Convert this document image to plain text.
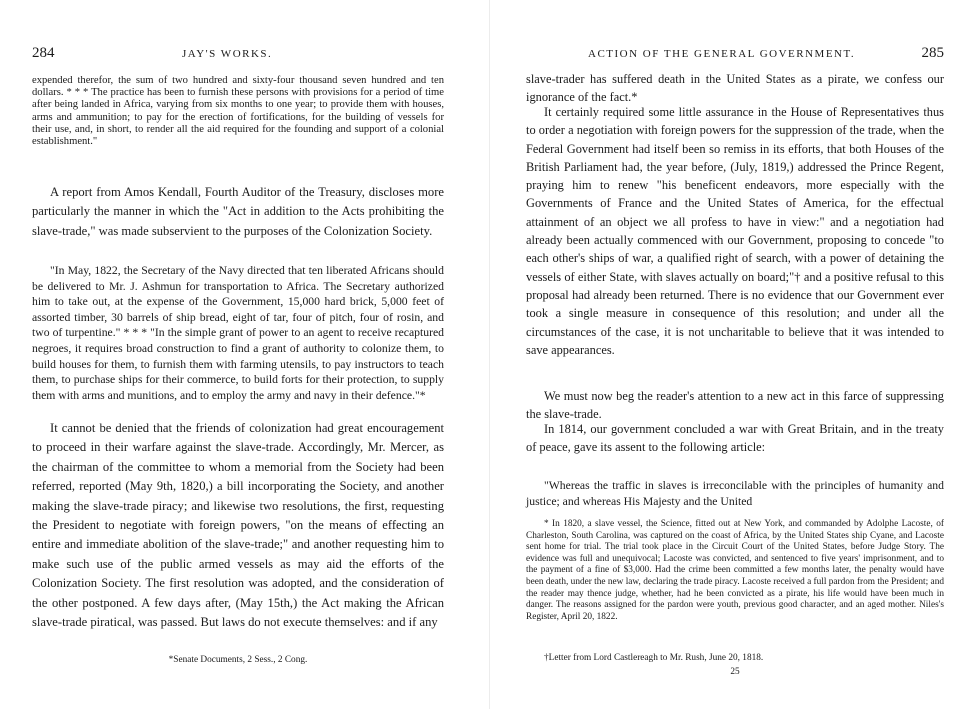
284	JAY'S WORKS.

expended therefor, the sum of two hundred and sixty-four thousand seven hundred and ten dollars. * * * The practice has been to furnish these persons with provisions for a period of time after being landed in Africa, varying from six months to one year; to provide them with houses, arms and ammunition; to pay for the erection of fortifications, for the building of vessels for their use, and, in short, to render all the aid required for the founding and support of a colonial establishment."

A report from Amos Kendall, Fourth Auditor of the Treasury, discloses more particularly the manner in which the "Act in addition to the Acts prohibiting the slave-trade," was made subservient to the purposes of the Colonization Society.

"In May, 1822, the Secretary of the Navy directed that ten liberated Africans should be delivered to Mr. J. Ashmun for transportation to Africa. The Secretary authorized him to take out, at the expense of the Government, 15,000 hard brick, 5,000 feet of assorted timber, 30 barrels of ship bread, eight of tar, four of pitch, four of rosin, and two of turpentine." * * * "In the simple grant of power to an agent to receive recaptured negroes, it requires broad construction to find a grant of authority to colonize them, to build houses for them, to furnish them with farming utensils, to pay instructors to teach them, to purchase ships for their commerce, to build forts for their protection, to supply them with arms and munitions, and to employ the army and navy in their defence."*

It cannot be denied that the friends of colonization had great encouragement to proceed in their warfare against the slave-trade. Accordingly, Mr. Mercer, as the chairman of the committee to whom a memorial from the Society had been referred, reported (May 9th, 1820,) a bill incorporating the Society, and another making the slave-trade piracy; and likewise two resolutions, the first, requesting the President to negotiate with foreign powers, "on the means of effecting an entire and immediate abolition of the slave-trade;" and another requesting him to make such use of the public armed vessels as may aid the efforts of the Colonization Society. The first resolution was adopted, and the consideration of the other postponed. A few days after, (May 15th,) the Act making the African slave-trade piratical, was passed. But laws do not execute themselves: and if any

*Senate Documents, 2 Sess., 2 Cong.

ACTION OF THE GENERAL GOVERNMENT.	285

slave-trader has suffered death in the United States as a pirate, we confess our ignorance of the fact.*

It certainly required some little assurance in the House of Representatives thus to order a negotiation with foreign powers for the suppression of the trade, when the Federal Government had itself been so remiss in its efforts, that both Houses of the British Parliament had, the year before, (July, 1819,) addressed the Prince Regent, praying him to renew "his beneficent endeavors, more especially with the Governments of France and the United States of America, for the effectual attainment of an object we all profess to have in view:" and a negotiation had already been actually commenced with our Government, proposing to concede "to each other's ships of war, a qualified right of search, with a power of detaining the vessels of either State, with slaves actually on board;"† and a positive refusal to this proposal had already been returned. There is no evidence that our Government ever took a single measure in consequence of this resolution; and under all the circumstances of the case, it is not uncharitable to believe that it was intended to save appearances.

We must now beg the reader's attention to a new act in this farce of suppressing the slave-trade.

In 1814, our government concluded a war with Great Britain, and in the treaty of peace, gave its assent to the following article:

"Whereas the traffic in slaves is irreconcilable with the principles of humanity and justice; and whereas His Majesty and the United

* In 1820, a slave vessel, the Science, fitted out at New York, and commanded by Adolphe Lacoste, of Charleston, South Carolina, was captured on the coast of Africa, by the United States ship Cyane, and Lacoste sent home for trial. The trial took place in the Circuit Court of the United States, before Judge Story. The evidence was full and unequivocal; Lacoste was convicted, and sentenced to five years' imprisonment, and to the payment of a fine of $3,000. Had the crime been committed a few months later, the penalty would have been death, under the new law, declaring the trade piracy. Lacoste received a full pardon from the President; and the reader may thence judge, whether, had he been convicted as a pirate, his life would have been much in danger. The reasons assigned for the pardon were youth, previous good character, and an aged mother. Niles's Register, April 20, 1822.

†Letter from Lord Castlereagh to Mr. Rush, June 20, 1818.

25
